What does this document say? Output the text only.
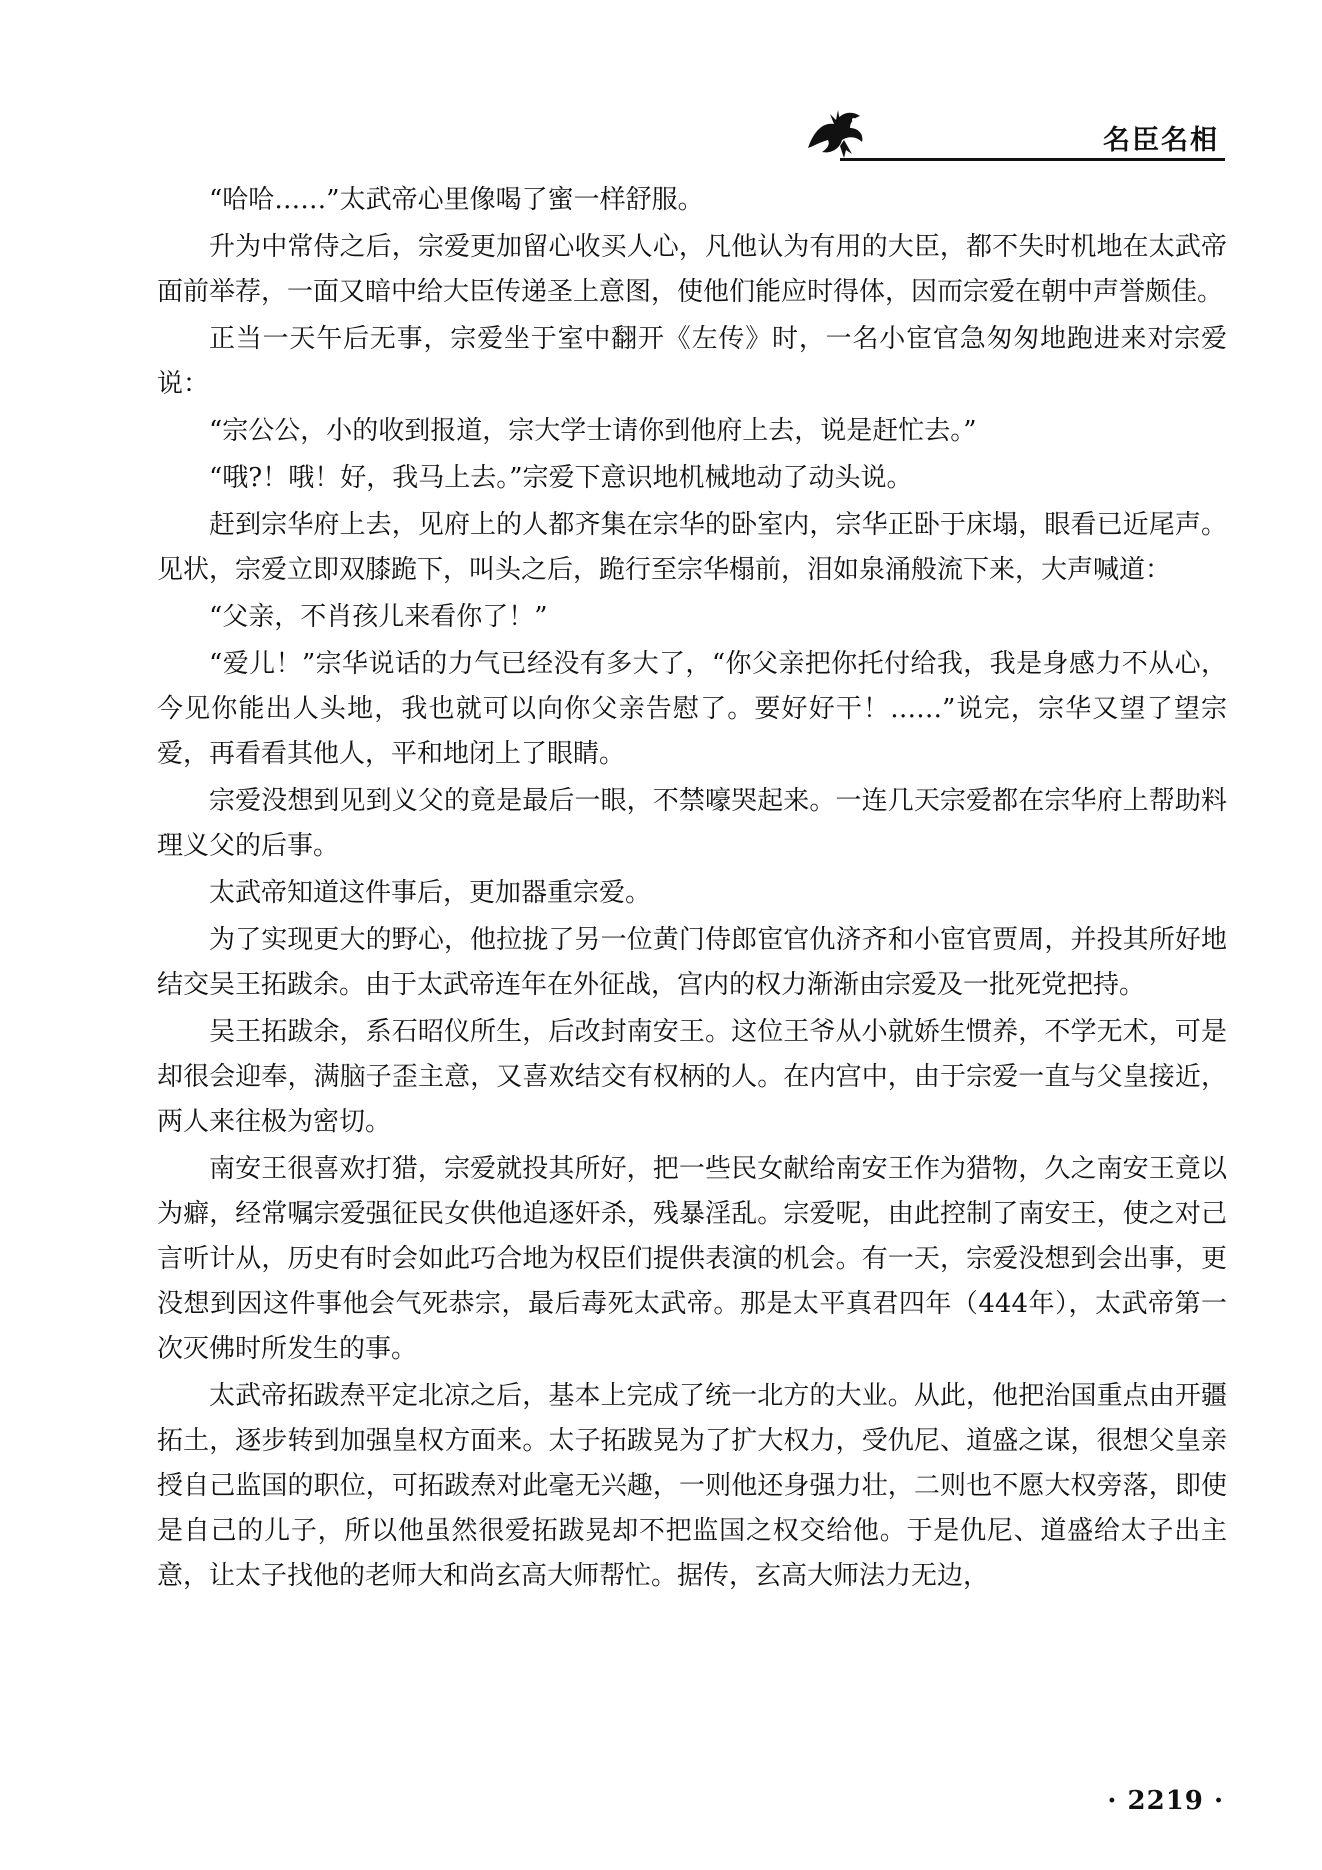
名臣名相

“哈哈……”太武帝心里像喝了蜜一样舒服。

升为中常侍之后，宗爱更加留心收买人心，凡他认为有用的大臣，都不失时机地在太武帝面前举荐，一面又暗中给大臣传递圣上意图，使他们能应时得体，因而宗爱在朝中声誉颇佳。

正当一天午后无事，宗爱坐于室中翻开《左传》时，一名小宦官急匆匆地跑进来对宗爱说：

“宗公公，小的收到报道，宗大学士请你到他府上去，说是赶忙去。”

“哦?！哦！好，我马上去。”宗爱下意识地机械地动了动头说。

赶到宗华府上去，见府上的人都齐集在宗华的卧室内，宗华正卧于床塌，眼看已近尾声。见状，宗爱立即双膝跪下，叫头之后，跪行至宗华榻前，泪如泉涌般流下来，大声喊道：

“父亲，不肖孩儿来看你了！”

“爱儿！”宗华说话的力气已经没有多大了，“你父亲把你托付给我，我是身感力不从心，今见你能出人头地，我也就可以向你父亲告慰了。要好好干！……”说完，宗华又望了望宗爱，再看看其他人，平和地闭上了眼睛。

宗爱没想到见到义父的竟是最后一眼，不禁嚎哭起来。一连几天宗爱都在宗华府上帮助料理义父的后事。

太武帝知道这件事后，更加器重宗爱。

为了实现更大的野心，他拉拢了另一位黄门侍郎宦官仇济齐和小宦官贾周，并投其所好地结交吴王拓跋余。由于太武帝连年在外征战，宫内的权力渐渐由宗爱及一批死党把持。

吴王拓跋余，系石昭仪所生，后改封南安王。这位王爷从小就娇生惯养，不学无术，可是却很会迎奉，满脑子歪主意，又喜欢结交有权柄的人。在内宫中，由于宗爱一直与父皇接近，两人来往极为密切。

南安王很喜欢打猎，宗爱就投其所好，把一些民女献给南安王作为猎物，久之南安王竟以为癖，经常嘱宗爱强征民女供他追逐奸杀，残暴淫乱。宗爱呢，由此控制了南安王，使之对己言听计从，历史有时会如此巧合地为权臣们提供表演的机会。有一天，宗爱没想到会出事，更没想到因这件事他会气死恭宗，最后毒死太武帝。那是太平真君四年（444年），太武帝第一次灭佛时所发生的事。

太武帝拓跋焘平定北凉之后，基本上完成了统一北方的大业。从此，他把治国重点由开疆拓土，逐步转到加强皇权方面来。太子拓跋晃为了扩大权力，受仇尼、道盛之谋，很想父皇亲授自己监国的职位，可拓跋焘对此毫无兴趣，一则他还身强力壮，二则也不愿大权旁落，即使是自己的儿子，所以他虽然很爱拓跋晃却不把监国之权交给他。于是仇尼、道盛给太子出主意，让太子找他的老师大和尚玄高大师帮忙。据传，玄高大师法力无边，

· 2219 ·
